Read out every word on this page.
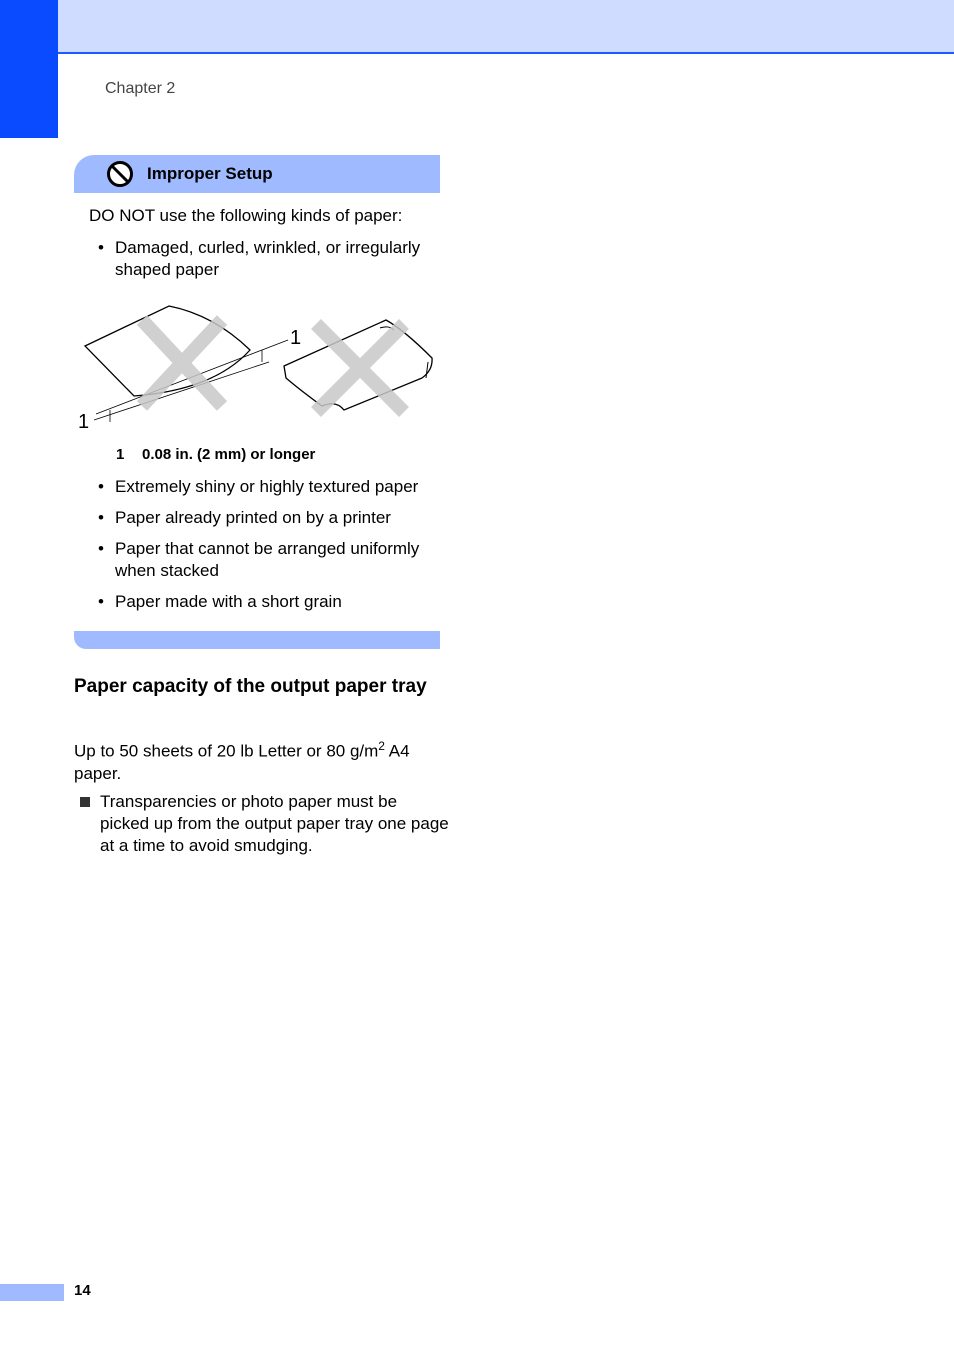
Chapter 2
Improper Setup
DO NOT use the following kinds of paper:
• Damaged, curled, wrinkled, or irregularly shaped paper
1
1
1 0.08 in. (2 mm) or longer
• Extremely shiny or highly textured paper
• Paper already printed on by a printer
• Paper that cannot be arranged uniformly when stacked
• Paper made with a short grain
Paper capacity of the output paper tray
Up to 50 sheets of 20 lb Letter or 80 $g/m^2$ A4 paper.
Transparencies or photo paper must be picked up from the output paper tray one page at a time to avoid smudging.
14
